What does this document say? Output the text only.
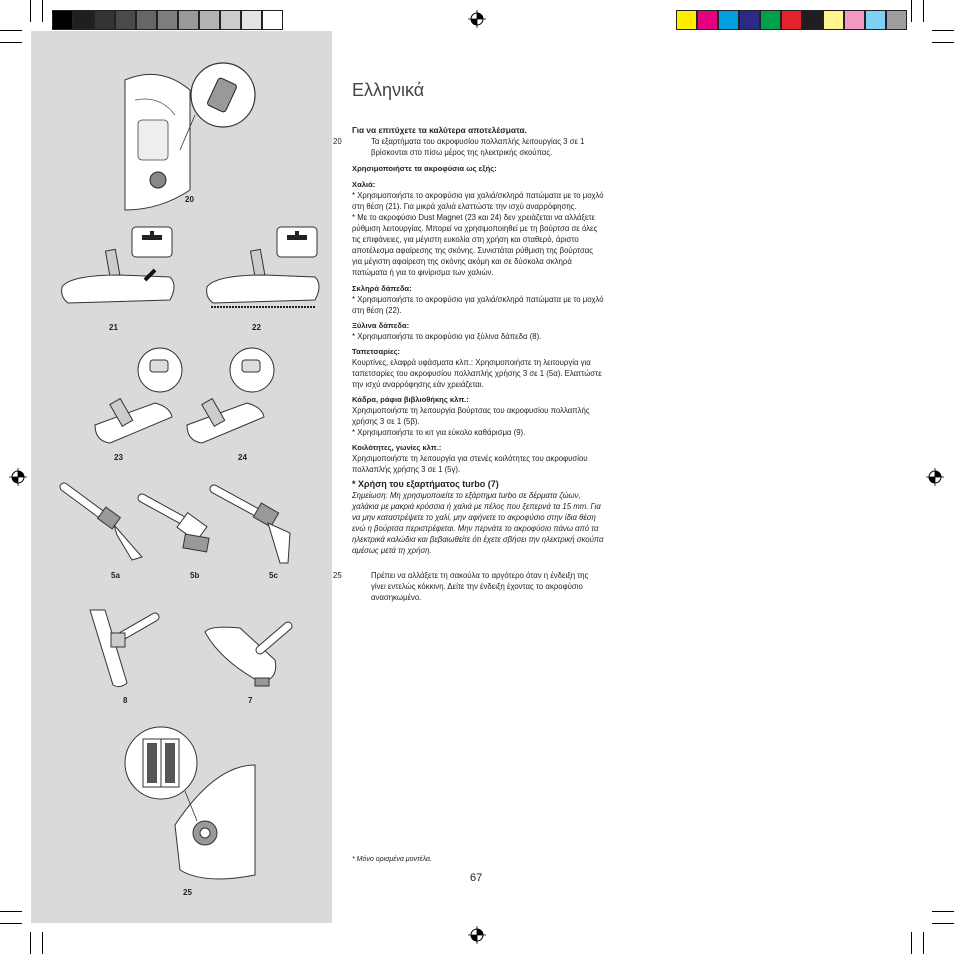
20
21	22
23	24
5a	5b	5c
8	7
25
Ελληνικά

Για να επιτύχετε τα καλύτερα αποτελέσματα.

20	Τα εξαρτήματα του ακροφυσίου πολλαπλής λειτουργίας 3 σε 1 βρίσκονται στο πίσω μέρος της ηλεκτρικής σκούπας.

Χρησιμοποιήστε τα ακροφύσια ως εξής:

Χαλιά:

* Χρησιμοποιήστε το ακροφύσιο για χαλιά/σκληρά πατώματα με το μοχλό στη θέση (21). Για μικρά χαλιά ελαττώστε την ισχύ αναρρόφησης.

* Με το ακροφύσιο Dust Magnet (23 και 24) δεν χρειάζεται να αλλάξετε ρύθμιση λειτουργίας. Μπορεί να χρησιμοποιηθεί με τη βούρτσα σε όλες τις επιφάνειες, για μέγιστη ευκολία στη χρήση και σταθερό, άριστο αποτέλεσμα αφαίρεσης της σκόνης. Συνιστάται ρύθμιση της βούρτσας για μέγιστη αφαίρεση της σκόνης ακόμη και σε δύσκολα σκληρά πατώματα ή για το φινίρισμα των χαλιών.

Σκληρά δάπεδα:

* Χρησιμοποιήστε το ακροφύσιο για χαλιά/σκληρά πατώματα με το μοχλό στη θέση (22).

Ξύλινα δάπεδα:

* Χρησιμοποιήστε το ακροφύσιο για ξύλινα δάπεδα (8).

Ταπετσαρίες:

Κουρτίνες, ελαφρά υφάσματα κλπ.: Χρησιμοποιήστε τη λειτουργία για ταπετσαρίες του ακροφυσίου πολλαπλής χρήσης 3 σε 1 (5α). Ελαττώστε την ισχύ αναρρόφησης εάν χρειάζεται.

Κάδρα, ράφια βιβλιοθήκης κλπ.:

Χρησιμοποιήστε τη λειτουργία βούρτσας του ακροφυσίου πολλαπλής χρήσης 3 σε 1 (5β).

* Χρησιμοποιήστε το κιτ για εύκολο καθάρισμα (9).

Κοιλότητες, γωνίες κλπ.:

Χρησιμοποιήστε τη λειτουργία για στενές κοιλότητες του ακροφυσίου πολλαπλής χρήσης 3 σε 1 (5γ).

* Χρήση του εξαρτήματος turbo (7)

Σημείωση: Μη χρησιμοποιείτε το εξάρτημα turbo σε δέρματα ζώων, χαλάκια με μακριά κρόσσια ή χαλιά με πέλος που ξεπερνά τα 15 mm. Για να μην καταστρέψετε το χαλί, μην αφήνετε το ακροφύσιο στην ίδια θέση ενώ η βούρτσα περιστρέφεται. Μην περνάτε το ακροφύσιο πάνω από τα ηλεκτρικά καλώδια και βεβαιωθείτε ότι έχετε σβήσει την ηλεκτρική σκούπα αμέσως μετά τη χρήση.

25	Πρέπει να αλλάξετε τη σακούλα το αργότερο όταν η ένδειξη της γίνει εντελώς κόκκινη. Δείτε την ένδειξη έχοντας το ακροφύσιο ανασηκωμένο.

* Μόνο ορισμένα μοντέλα.
67
